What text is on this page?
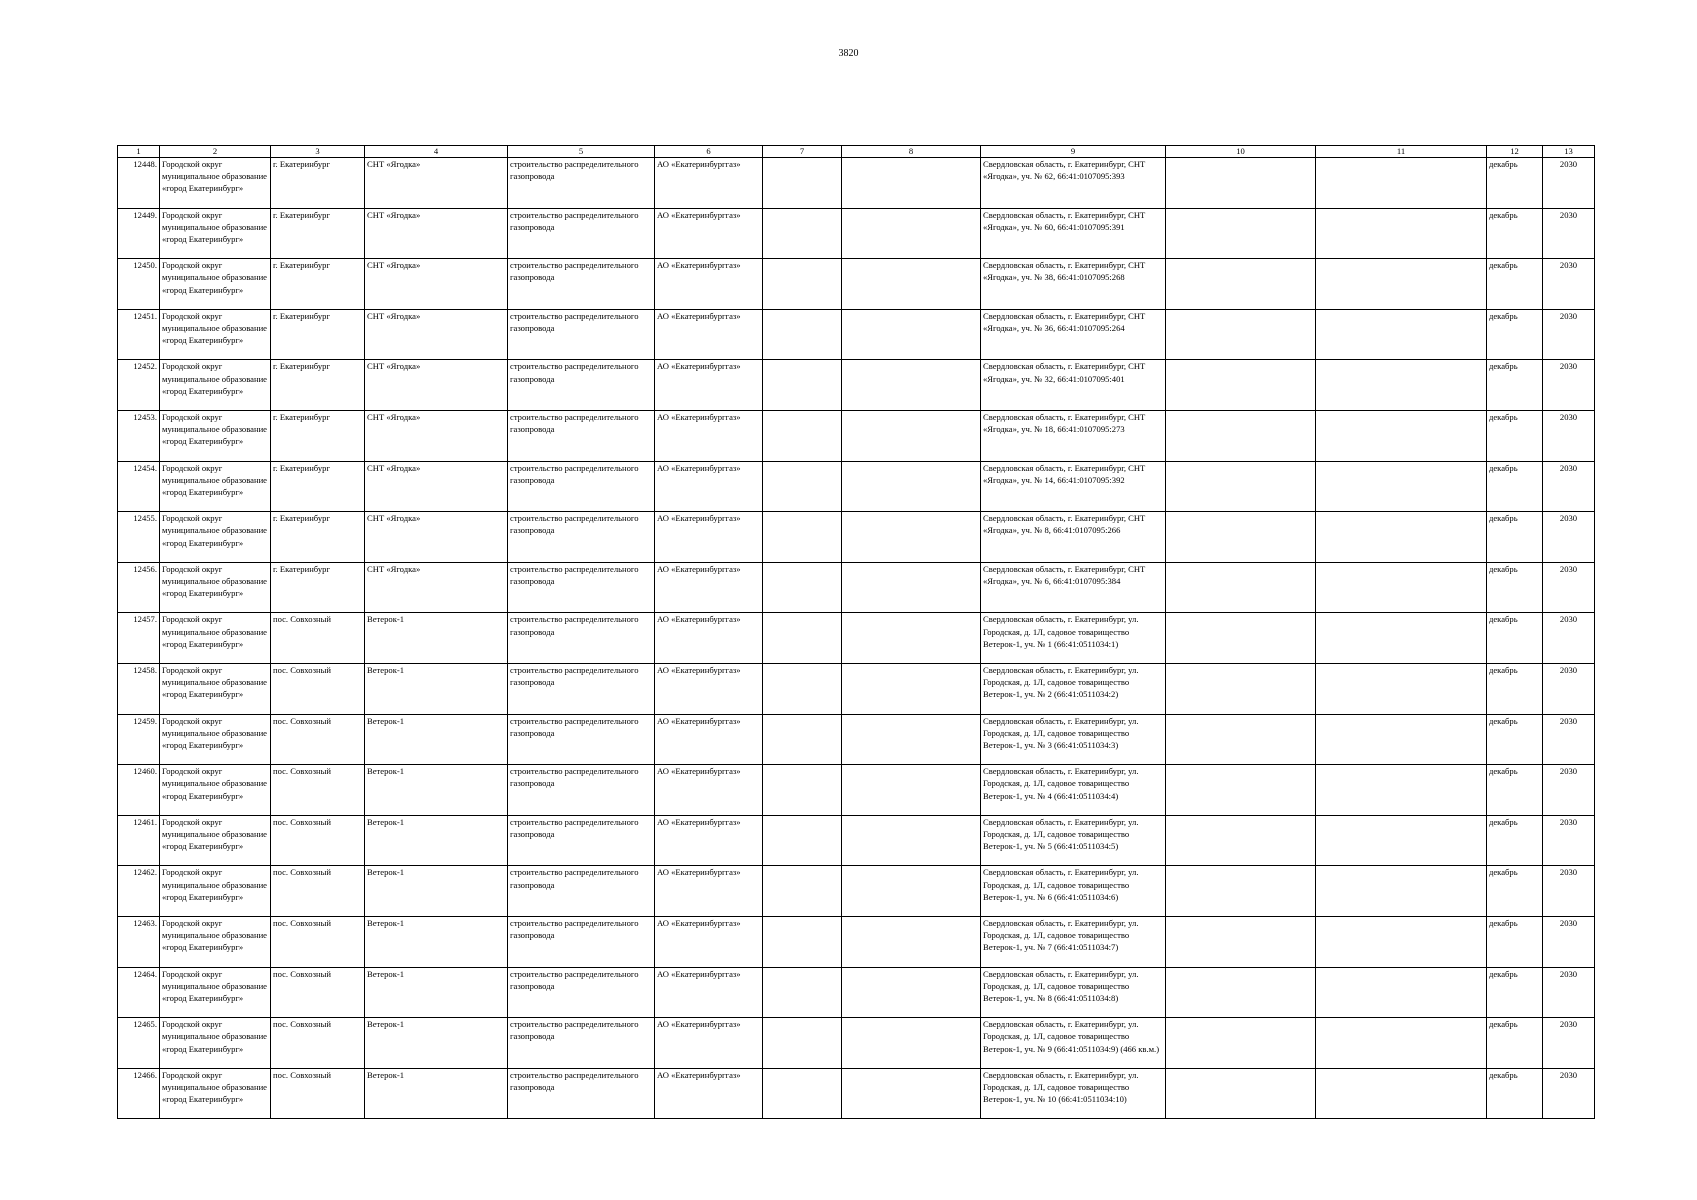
3820
1	2	3	4	5	6	7	8	9	10	11	12	13
12448.	Городской округ муниципальное образование «город Екатеринбург»	г. Екатеринбург	СНТ «Ягодка»	строительство распределительного газопровода	АО «Екатеринбурггаз»			Свердловская область, г. Екатеринбург, СНТ «Ягодка», уч. № 62, 66:41:0107095:393			декабрь	2030
12449.	Городской округ муниципальное образование «город Екатеринбург»	г. Екатеринбург	СНТ «Ягодка»	строительство распределительного газопровода	АО «Екатеринбурггаз»			Свердловская область, г. Екатеринбург, СНТ «Ягодка», уч. № 60, 66:41:0107095:391			декабрь	2030
12450.	Городской округ муниципальное образование «город Екатеринбург»	г. Екатеринбург	СНТ «Ягодка»	строительство распределительного газопровода	АО «Екатеринбурггаз»			Свердловская область, г. Екатеринбург, СНТ «Ягодка», уч. № 38, 66:41:0107095:268			декабрь	2030
12451.	Городской округ муниципальное образование «город Екатеринбург»	г. Екатеринбург	СНТ «Ягодка»	строительство распределительного газопровода	АО «Екатеринбурггаз»			Свердловская область, г. Екатеринбург, СНТ «Ягодка», уч. № 36, 66:41:0107095:264			декабрь	2030
12452.	Городской округ муниципальное образование «город Екатеринбург»	г. Екатеринбург	СНТ «Ягодка»	строительство распределительного газопровода	АО «Екатеринбурггаз»			Свердловская область, г. Екатеринбург, СНТ «Ягодка», уч. № 32, 66:41:0107095:401			декабрь	2030
12453.	Городской округ муниципальное образование «город Екатеринбург»	г. Екатеринбург	СНТ «Ягодка»	строительство распределительного газопровода	АО «Екатеринбурггаз»			Свердловская область, г. Екатеринбург, СНТ «Ягодка», уч. № 18, 66:41:0107095:273			декабрь	2030
12454.	Городской округ муниципальное образование «город Екатеринбург»	г. Екатеринбург	СНТ «Ягодка»	строительство распределительного газопровода	АО «Екатеринбурггаз»			Свердловская область, г. Екатеринбург, СНТ «Ягодка», уч. № 14, 66:41:0107095:392			декабрь	2030
12455.	Городской округ муниципальное образование «город Екатеринбург»	г. Екатеринбург	СНТ «Ягодка»	строительство распределительного газопровода	АО «Екатеринбурггаз»			Свердловская область, г. Екатеринбург, СНТ «Ягодка», уч. № 8, 66:41:0107095:266			декабрь	2030
12456.	Городской округ муниципальное образование «город Екатеринбург»	г. Екатеринбург	СНТ «Ягодка»	строительство распределительного газопровода	АО «Екатеринбурггаз»			Свердловская область, г. Екатеринбург, СНТ «Ягодка», уч. № 6, 66:41:0107095:384			декабрь	2030
12457.	Городской округ муниципальное образование «город Екатеринбург»	пос. Совхозный	Ветерок-1	строительство распределительного газопровода	АО «Екатеринбурггаз»			Свердловская область, г. Екатеринбург, ул. Городская, д. 1Л, садовое товарищество Ветерок-1, уч. № 1 (66:41:0511034:1)			декабрь	2030
12458.	Городской округ муниципальное образование «город Екатеринбург»	пос. Совхозный	Ветерок-1	строительство распределительного газопровода	АО «Екатеринбурггаз»			Свердловская область, г. Екатеринбург, ул. Городская, д. 1Л, садовое товарищество Ветерок-1, уч. № 2 (66:41:0511034:2)			декабрь	2030
12459.	Городской округ муниципальное образование «город Екатеринбург»	пос. Совхозный	Ветерок-1	строительство распределительного газопровода	АО «Екатеринбурггаз»			Свердловская область, г. Екатеринбург, ул. Городская, д. 1Л, садовое товарищество Ветерок-1, уч. № 3 (66:41:0511034:3)			декабрь	2030
12460.	Городской округ муниципальное образование «город Екатеринбург»	пос. Совхозный	Ветерок-1	строительство распределительного газопровода	АО «Екатеринбурггаз»			Свердловская область, г. Екатеринбург, ул. Городская, д. 1Л, садовое товарищество Ветерок-1, уч. № 4 (66:41:0511034:4)			декабрь	2030
12461.	Городской округ муниципальное образование «город Екатеринбург»	пос. Совхозный	Ветерок-1	строительство распределительного газопровода	АО «Екатеринбурггаз»			Свердловская область, г. Екатеринбург, ул. Городская, д. 1Л, садовое товарищество Ветерок-1, уч. № 5 (66:41:0511034:5)			декабрь	2030
12462.	Городской округ муниципальное образование «город Екатеринбург»	пос. Совхозный	Ветерок-1	строительство распределительного газопровода	АО «Екатеринбурггаз»			Свердловская область, г. Екатеринбург, ул. Городская, д. 1Л, садовое товарищество Ветерок-1, уч. № 6 (66:41:0511034:6)			декабрь	2030
12463.	Городской округ муниципальное образование «город Екатеринбург»	пос. Совхозный	Ветерок-1	строительство распределительного газопровода	АО «Екатеринбурггаз»			Свердловская область, г. Екатеринбург, ул. Городская, д. 1Л, садовое товарищество Ветерок-1, уч. № 7 (66:41:0511034:7)			декабрь	2030
12464.	Городской округ муниципальное образование «город Екатеринбург»	пос. Совхозный	Ветерок-1	строительство распределительного газопровода	АО «Екатеринбурггаз»			Свердловская область, г. Екатеринбург, ул. Городская, д. 1Л, садовое товарищество Ветерок-1, уч. № 8 (66:41:0511034:8)			декабрь	2030
12465.	Городской округ муниципальное образование «город Екатеринбург»	пос. Совхозный	Ветерок-1	строительство распределительного газопровода	АО «Екатеринбурггаз»			Свердловская область, г. Екатеринбург, ул. Городская, д. 1Л, садовое товарищество Ветерок-1, уч. № 9 (66:41:0511034:9) (466 кв.м.)			декабрь	2030
12466.	Городской округ муниципальное образование «город Екатеринбург»	пос. Совхозный	Ветерок-1	строительство распределительного газопровода	АО «Екатеринбурггаз»			Свердловская область, г. Екатеринбург, ул. Городская, д. 1Л, садовое товарищество Ветерок-1, уч. № 10 (66:41:0511034:10)			декабрь	2030
